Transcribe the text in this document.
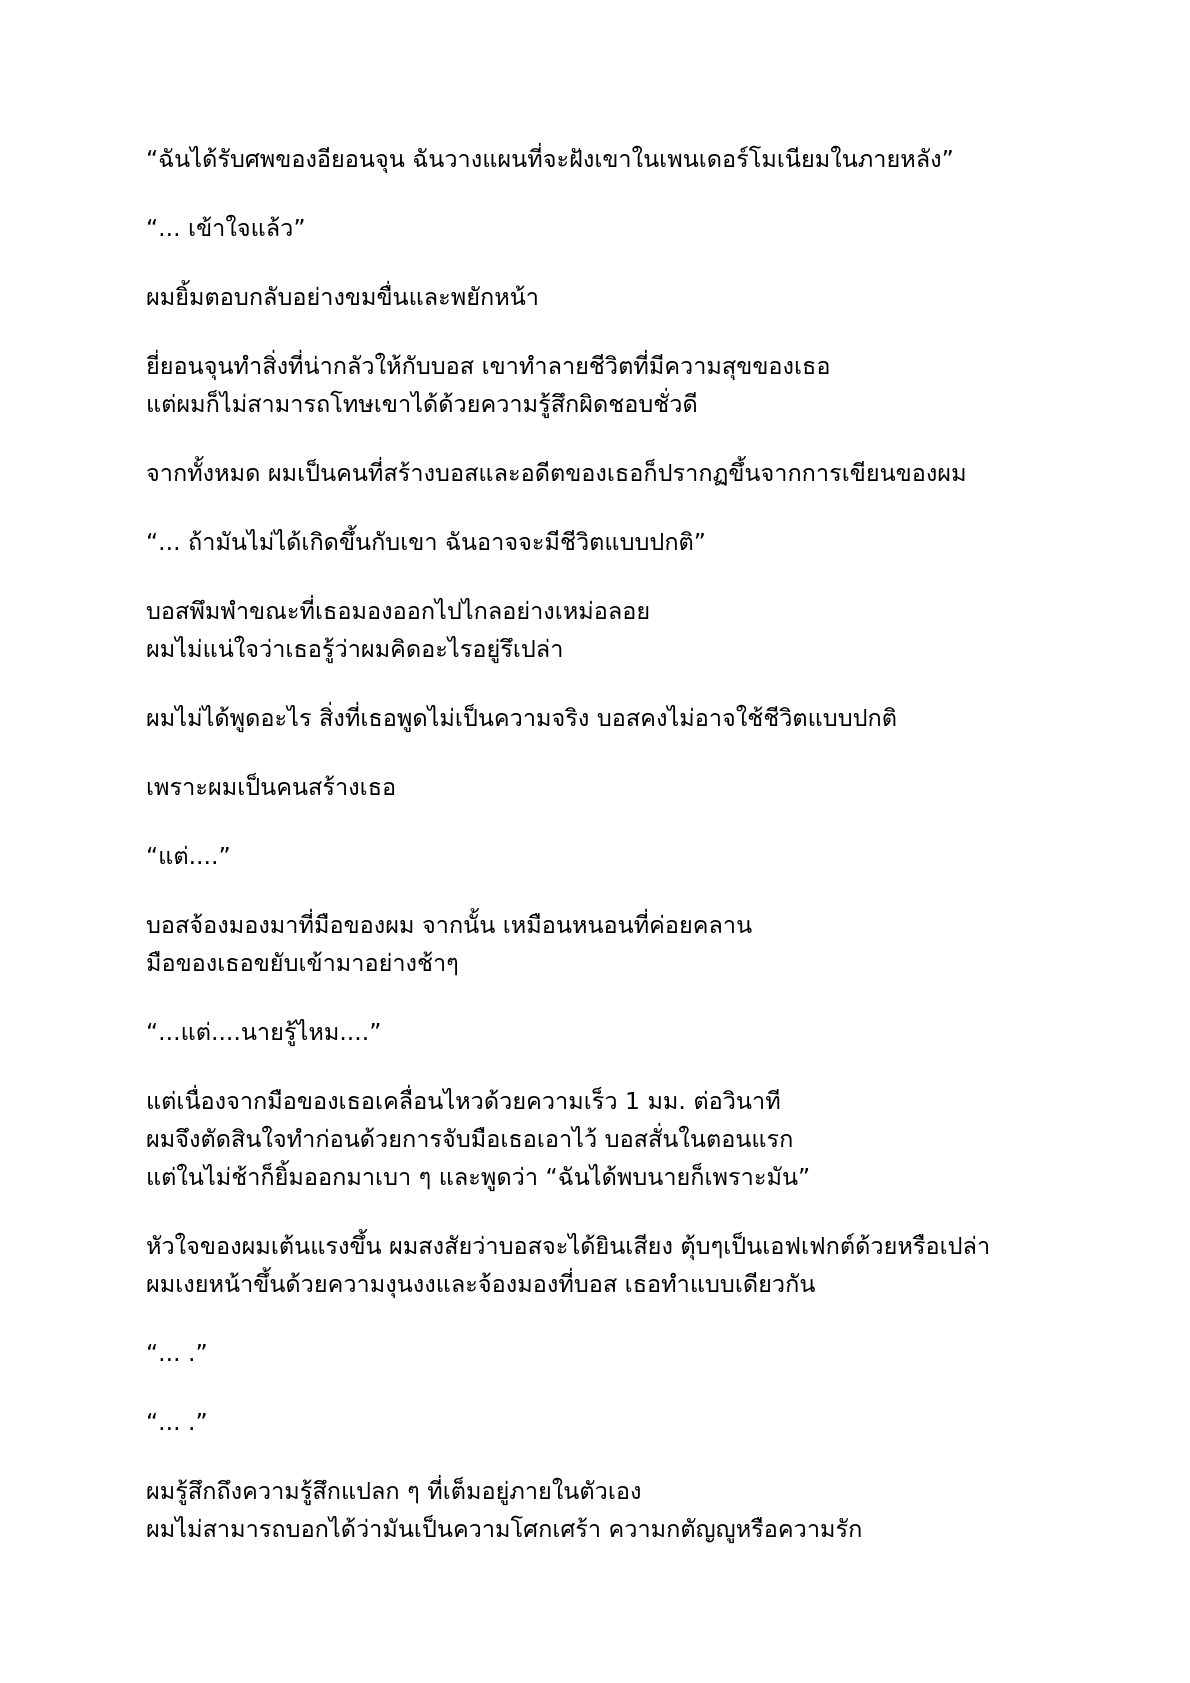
“ฉันได้รับศพของอียอนจุน ฉันวางแผนที่จะฝังเขาในเพนเดอร์โมเนียมในภายหลัง”
“... เข้าใจแล้ว”
ผมยิ้มตอบกลับอย่างขมขื่นและพยักหน้า
ยี่ยอนจุนทำสิ่งที่น่ากลัวให้กับบอส เขาทำลายชีวิตที่มีความสุขของเธอ
แต่ผมก็ไม่สามารถโทษเขาได้ด้วยความรู้สึกผิดชอบชั่วดี
จากทั้งหมด ผมเป็นคนที่สร้างบอสและอดีตของเธอก็ปรากฏขึ้นจากการเขียนของผม
“... ถ้ามันไม่ได้เกิดขึ้นกับเขา ฉันอาจจะมีชีวิตแบบปกติ”
บอสพึมพำขณะที่เธอมองออกไปไกลอย่างเหม่อลอย
ผมไม่แน่ใจว่าเธอรู้ว่าผมคิดอะไรอยู่รึเปล่า
ผมไม่ได้พูดอะไร สิ่งที่เธอพูดไม่เป็นความจริง บอสคงไม่อาจใช้ชีวิตแบบปกติ
เพราะผมเป็นคนสร้างเธอ
“แต่....”
บอสจ้องมองมาที่มือของผม จากนั้น เหมือนหนอนที่ค่อยคลาน
มือของเธอขยับเข้ามาอย่างช้าๆ
“...แต่....นายรู้ไหม....”
แต่เนื่องจากมือของเธอเคลื่อนไหวด้วยความเร็ว 1 มม. ต่อวินาที
ผมจึงตัดสินใจทำก่อนด้วยการจับมือเธอเอาไว้ บอสสั่นในตอนแรก
แต่ในไม่ช้าก็ยิ้มออกมาเบา ๆ และพูดว่า “ฉันได้พบนายก็เพราะมัน”
หัวใจของผมเต้นแรงขึ้น ผมสงสัยว่าบอสจะได้ยินเสียง ตุ้บๆเป็นเอฟเฟกต์ด้วยหรือเปล่า
ผมเงยหน้าขึ้นด้วยความงุนงงและจ้องมองที่บอส เธอทำแบบเดียวกัน
“... .”
“... .”
ผมรู้สึกถึงความรู้สึกแปลก ๆ ที่เต็มอยู่ภายในตัวเอง
ผมไม่สามารถบอกได้ว่ามันเป็นความโศกเศร้า ความกตัญญูหรือความรัก
